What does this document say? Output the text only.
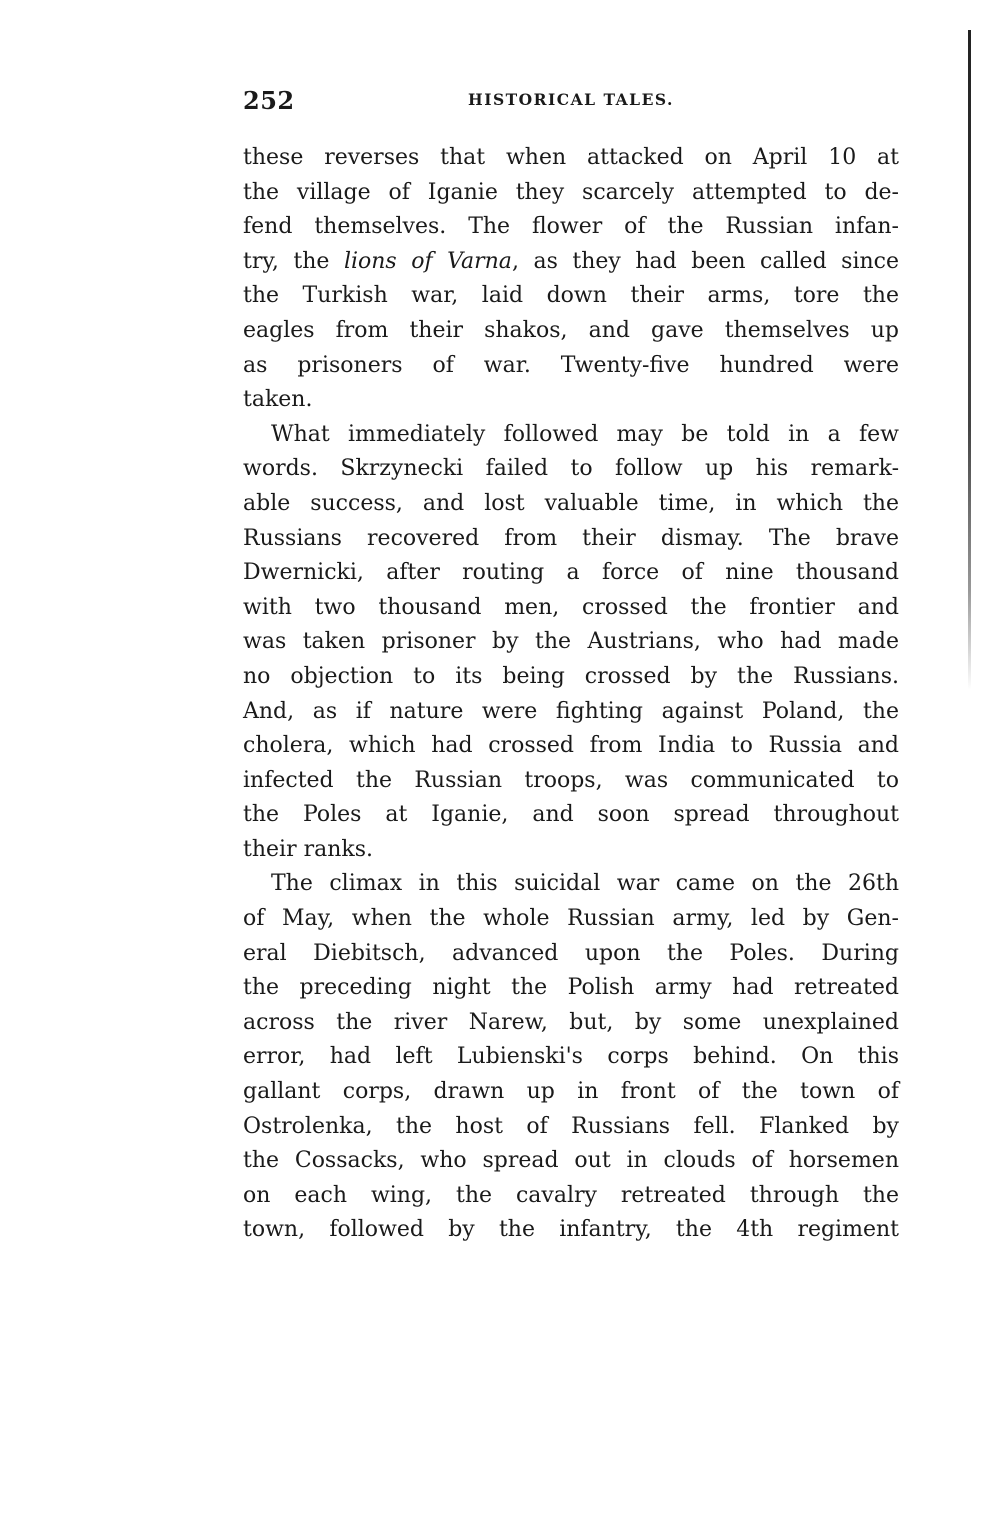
252	HISTORICAL TALES.
these reverses that when attacked on April 10 at
the village of Iganie they scarcely attempted to de-
fend themselves. The flower of the Russian infan-
try, the lions of Varna, as they had been called since
the Turkish war, laid down their arms, tore the
eagles from their shakos, and gave themselves up
as prisoners of war. Twenty-five hundred were
taken.
What immediately followed may be told in a few
words. Skrzynecki failed to follow up his remark-
able success, and lost valuable time, in which the
Russians recovered from their dismay. The brave
Dwernicki, after routing a force of nine thousand
with two thousand men, crossed the frontier and
was taken prisoner by the Austrians, who had made
no objection to its being crossed by the Russians.
And, as if nature were fighting against Poland, the
cholera, which had crossed from India to Russia and
infected the Russian troops, was communicated to
the Poles at Iganie, and soon spread throughout
their ranks.
The climax in this suicidal war came on the 26th
of May, when the whole Russian army, led by Gen-
eral Diebitsch, advanced upon the Poles. During
the preceding night the Polish army had retreated
across the river Narew, but, by some unexplained
error, had left Lubienski's corps behind. On this
gallant corps, drawn up in front of the town of
Ostrolenka, the host of Russians fell. Flanked by
the Cossacks, who spread out in clouds of horsemen
on each wing, the cavalry retreated through the
town, followed by the infantry, the 4th regiment
